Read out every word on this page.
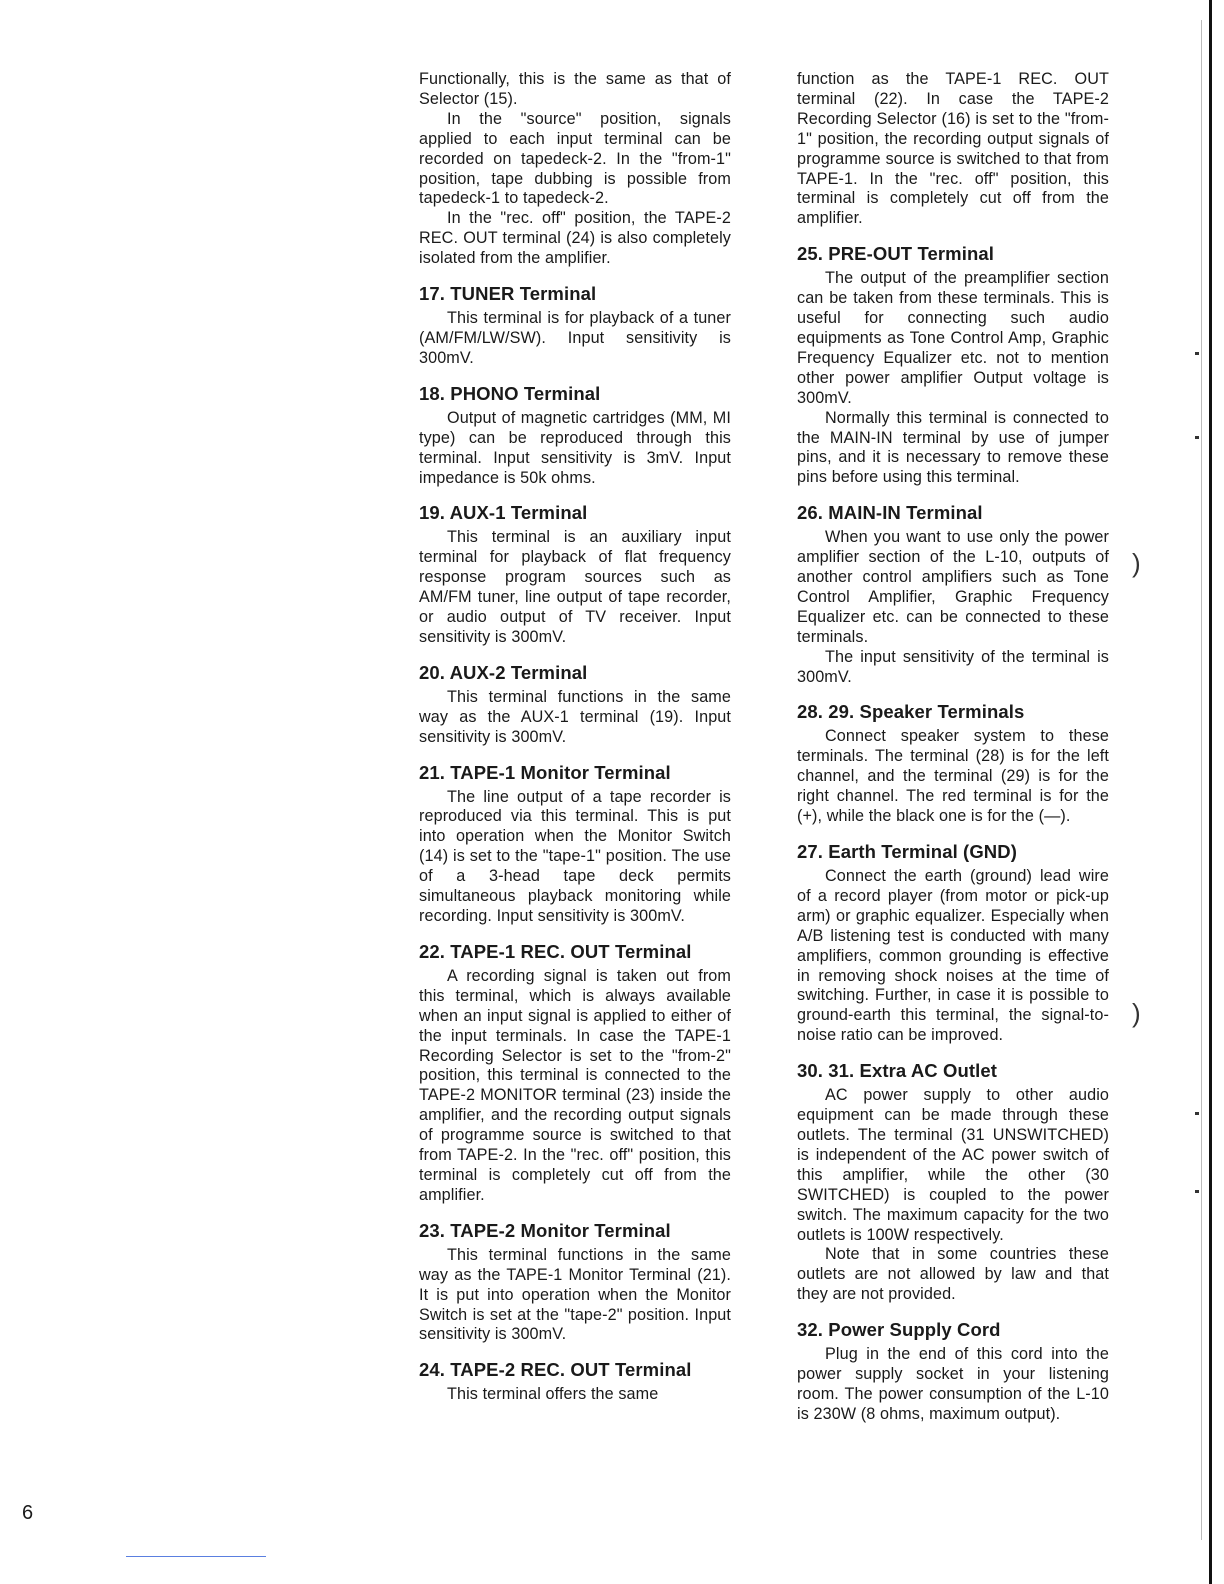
Functionally, this is the same as that of Selector (15).

In the "source" position, signals applied to each input terminal can be recorded on tapedeck-2. In the "from-1" position, tape dubbing is possible from tapedeck-1 to tapedeck-2.

In the "rec. off" position, the TAPE-2 REC. OUT terminal (24) is also completely isolated from the amplifier.

17. TUNER Terminal

This terminal is for playback of a tuner (AM/FM/LW/SW). Input sensitivity is 300mV.

18. PHONO Terminal

Output of magnetic cartridges (MM, MI type) can be reproduced through this terminal. Input sensitivity is 3mV. Input impedance is 50k ohms.

19. AUX-1 Terminal

This terminal is an auxiliary input terminal for playback of flat frequency response program sources such as AM/FM tuner, line output of tape recorder, or audio output of TV receiver. Input sensitivity is 300mV.

20. AUX-2 Terminal

This terminal functions in the same way as the AUX-1 terminal (19). Input sensitivity is 300mV.

21. TAPE-1 Monitor Terminal

The line output of a tape recorder is reproduced via this terminal. This is put into operation when the Monitor Switch (14) is set to the "tape-1" position. The use of a 3-head tape deck permits simultaneous playback monitoring while recording. Input sensitivity is 300mV.

22. TAPE-1 REC. OUT Terminal

A recording signal is taken out from this terminal, which is always available when an input signal is applied to either of the input terminals. In case the TAPE-1 Recording Selector is set to the "from-2" position, this terminal is connected to the TAPE-2 MONITOR terminal (23) inside the amplifier, and the recording output signals of programme source is switched to that from TAPE-2. In the "rec. off" position, this terminal is completely cut off from the amplifier.

23. TAPE-2 Monitor Terminal

This terminal functions in the same way as the TAPE-1 Monitor Terminal (21). It is put into operation when the Monitor Switch is set at the "tape-2" position. Input sensitivity is 300mV.

24. TAPE-2 REC. OUT Terminal

This terminal offers the same

function as the TAPE-1 REC. OUT terminal (22). In case the TAPE-2 Recording Selector (16) is set to the "from-1" position, the recording output signals of programme source is switched to that from TAPE-1. In the "rec. off" position, this terminal is completely cut off from the amplifier.

25. PRE-OUT Terminal

The output of the preamplifier section can be taken from these terminals. This is useful for connecting such audio equipments as Tone Control Amp, Graphic Frequency Equalizer etc. not to mention other power amplifier Output voltage is 300mV.

Normally this terminal is connected to the MAIN-IN terminal by use of jumper pins, and it is necessary to remove these pins before using this terminal.

26. MAIN-IN Terminal

When you want to use only the power amplifier section of the L-10, outputs of another control amplifiers such as Tone Control Amplifier, Graphic Frequency Equalizer etc. can be connected to these terminals.

The input sensitivity of the terminal is 300mV.

28. 29. Speaker Terminals

Connect speaker system to these terminals. The terminal (28) is for the left channel, and the terminal (29) is for the right channel. The red terminal is for the (+), while the black one is for the (—).

27. Earth Terminal (GND)

Connect the earth (ground) lead wire of a record player (from motor or pick-up arm) or graphic equalizer. Especially when A/B listening test is conducted with many amplifiers, common grounding is effective in removing shock noises at the time of switching. Further, in case it is possible to ground-earth this terminal, the signal-to-noise ratio can be improved.

30. 31. Extra AC Outlet

AC power supply to other audio equipment can be made through these outlets. The terminal (31 UNSWITCHED) is independent of the AC power switch of this amplifier, while the other (30 SWITCHED) is coupled to the power switch. The maximum capacity for the two outlets is 100W respectively.

Note that in some countries these outlets are not allowed by law and that they are not provided.

32. Power Supply Cord

Plug in the end of this cord into the power supply socket in your listening room. The power consumption of the L-10 is 230W (8 ohms, maximum output).

6
)
)
